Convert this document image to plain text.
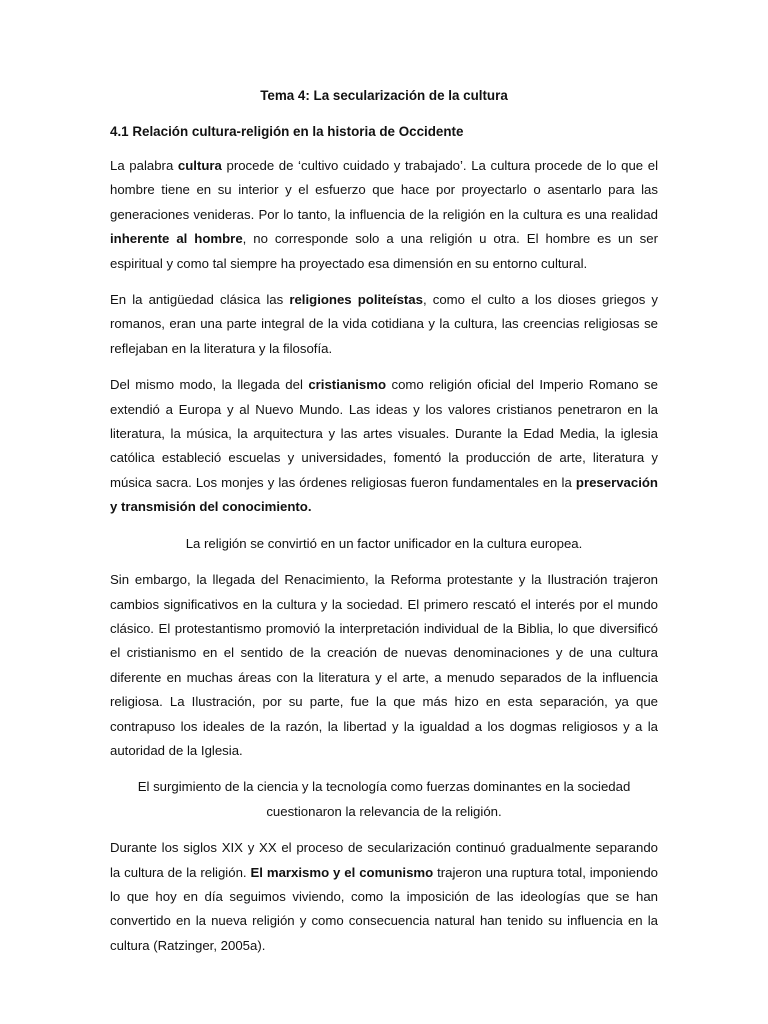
Tema 4: La secularización de la cultura
4.1 Relación cultura-religión en la historia de Occidente

La palabra cultura procede de ‘cultivo cuidado y trabajado’. La cultura procede de lo que el hombre tiene en su interior y el esfuerzo que hace por proyectarlo o asentarlo para las generaciones venideras. Por lo tanto, la influencia de la religión en la cultura es una realidad inherente al hombre, no corresponde solo a una religión u otra. El hombre es un ser espiritual y como tal siempre ha proyectado esa dimensión en su entorno cultural.

En la antigüedad clásica las religiones politeístas, como el culto a los dioses griegos y romanos, eran una parte integral de la vida cotidiana y la cultura, las creencias religiosas se reflejaban en la literatura y la filosofía.

Del mismo modo, la llegada del cristianismo como religión oficial del Imperio Romano se extendió a Europa y al Nuevo Mundo. Las ideas y los valores cristianos penetraron en la literatura, la música, la arquitectura y las artes visuales. Durante la Edad Media, la iglesia católica estableció escuelas y universidades, fomentó la producción de arte, literatura y música sacra. Los monjes y las órdenes religiosas fueron fundamentales en la preservación y transmisión del conocimiento.

La religión se convirtió en un factor unificador en la cultura europea.

Sin embargo, la llegada del Renacimiento, la Reforma protestante y la Ilustración trajeron cambios significativos en la cultura y la sociedad. El primero rescató el interés por el mundo clásico. El protestantismo promovió la interpretación individual de la Biblia, lo que diversificó el cristianismo en el sentido de la creación de nuevas denominaciones y de una cultura diferente en muchas áreas con la literatura y el arte, a menudo separados de la influencia religiosa. La Ilustración, por su parte, fue la que más hizo en esta separación, ya que contrapuso los ideales de la razón, la libertad y la igualdad a los dogmas religiosos y a la autoridad de la Iglesia.

El surgimiento de la ciencia y la tecnología como fuerzas dominantes en la sociedad
cuestionaron la relevancia de la religión.

Durante los siglos XIX y XX el proceso de secularización continuó gradualmente separando la cultura de la religión. El marxismo y el comunismo trajeron una ruptura total, imponiendo lo que hoy en día seguimos viviendo, como la imposición de las ideologías que se han convertido en la nueva religión y como consecuencia natural han tenido su influencia en la cultura (Ratzinger, 2005a).
